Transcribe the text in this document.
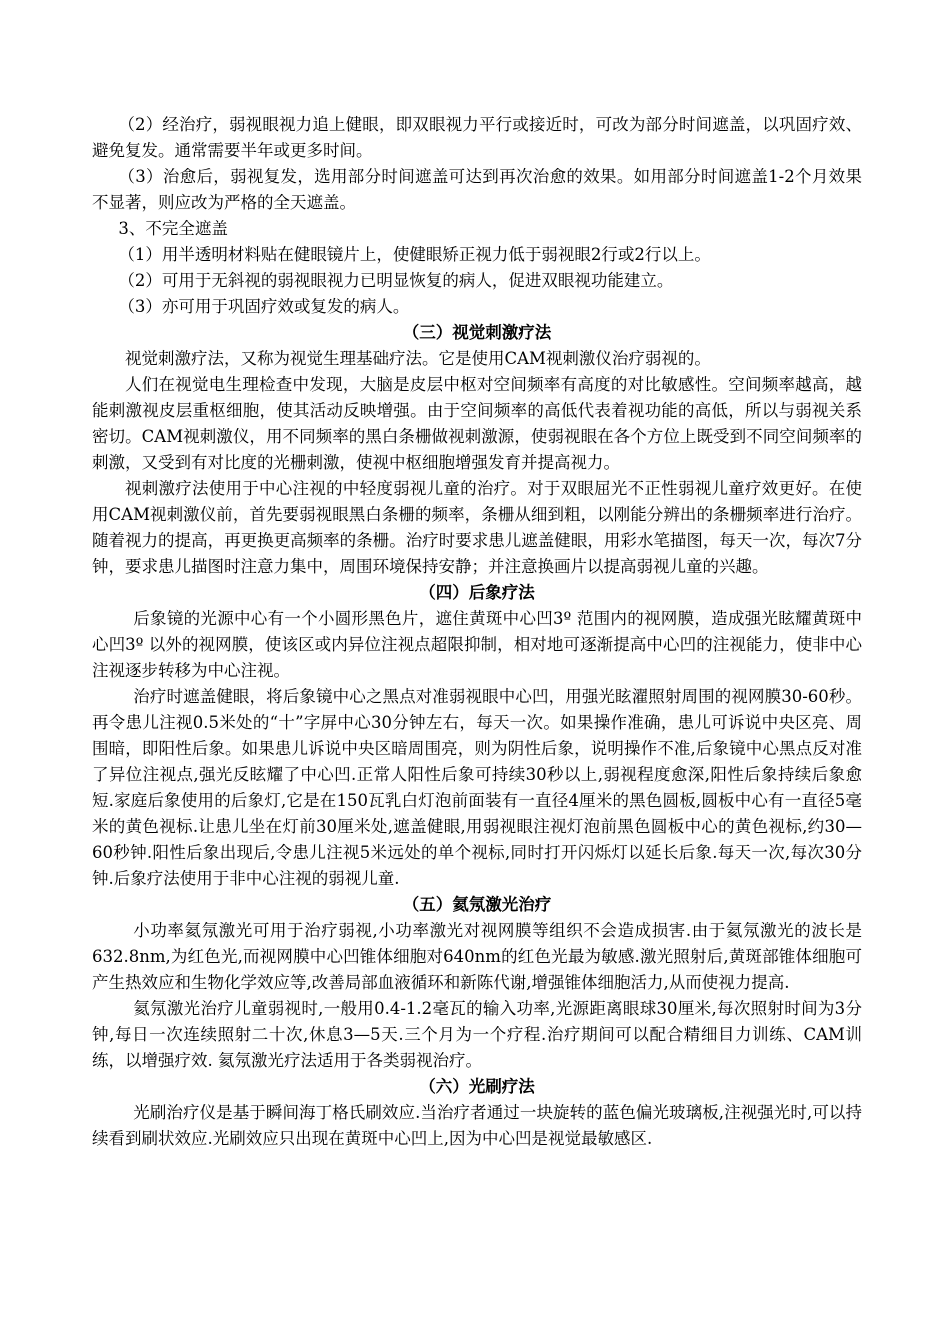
（2）经治疗，弱视眼视力追上健眼，即双眼视力平行或接近时，可改为部分时间遮盖，以巩固疗效、避免复发。通常需要半年或更多时间。

（3）治愈后，弱视复发，选用部分时间遮盖可达到再次治愈的效果。如用部分时间遮盖1-2个月效果不显著，则应改为严格的全天遮盖。

3、不完全遮盖

（1）用半透明材料贴在健眼镜片上，使健眼矫正视力低于弱视眼2行或2行以上。

（2）可用于无斜视的弱视眼视力已明显恢复的病人，促进双眼视功能建立。

（3）亦可用于巩固疗效或复发的病人。

（三）视觉刺激疗法

视觉刺激疗法，又称为视觉生理基础疗法。它是使用CAM视刺激仪治疗弱视的。

人们在视觉电生理检查中发现，大脑是皮层中枢对空间频率有高度的对比敏感性。空间频率越高，越能刺激视皮层重枢细胞，使其活动反映增强。由于空间频率的高低代表着视功能的高低，所以与弱视关系密切。CAM视刺激仪，用不同频率的黑白条栅做视刺激源，使弱视眼在各个方位上既受到不同空间频率的刺激，又受到有对比度的光栅刺激，使视中枢细胞增强发育并提高视力。

视刺激疗法使用于中心注视的中轻度弱视儿童的治疗。对于双眼屈光不正性弱视儿童疗效更好。在使用CAM视刺激仪前，首先要弱视眼黑白条栅的频率，条栅从细到粗，以刚能分辨出的条栅频率进行治疗。随着视力的提高，再更换更高频率的条栅。治疗时要求患儿遮盖健眼，用彩水笔描图，每天一次，每次7分钟，要求患儿描图时注意力集中，周围环境保持安静；并注意换画片以提高弱视儿童的兴趣。

（四）后象疗法

后象镜的光源中心有一个小圆形黑色片，遮住黄斑中心凹3º 范围内的视网膜，造成强光眩耀黄斑中心凹3º 以外的视网膜，使该区或内异位注视点超限抑制，相对地可逐渐提高中心凹的注视能力，使非中心注视逐步转移为中心注视。

治疗时遮盖健眼，将后象镜中心之黑点对准弱视眼中心凹，用强光眩濯照射周围的视网膜30-60秒。再令患儿注视0.5米处的“十”字屏中心30分钟左右，每天一次。如果操作准确，患儿可诉说中央区亮、周围暗，即阳性后象。如果患儿诉说中央区暗周围亮，则为阴性后象，说明操作不准,后象镜中心黑点反对准了异位注视点,强光反眩耀了中心凹.正常人阳性后象可持续30秒以上,弱视程度愈深,阳性后象持续后象愈短.家庭后象使用的后象灯,它是在150瓦乳白灯泡前面装有一直径4厘米的黑色圆板,圆板中心有一直径5毫米的黄色视标.让患儿坐在灯前30厘米处,遮盖健眼,用弱视眼注视灯泡前黑色圆板中心的黄色视标,约30—60秒钟.阳性后象出现后,令患儿注视5米远处的单个视标,同时打开闪烁灯以延长后象.每天一次,每次30分钟.后象疗法使用于非中心注视的弱视儿童.

（五）氦氖激光治疗

小功率氦氖激光可用于治疗弱视,小功率激光对视网膜等组织不会造成损害.由于氦氖激光的波长是632.8nm,为红色光,而视网膜中心凹锥体细胞对640nm的红色光最为敏感.激光照射后,黄斑部锥体细胞可产生热效应和生物化学效应等,改善局部血液循环和新陈代谢,增强锥体细胞活力,从而使视力提高.

氦氖激光治疗儿童弱视时,一般用0.4-1.2毫瓦的输入功率,光源距离眼球30厘米,每次照射时间为3分钟,每日一次连续照射二十次,休息3—5天.三个月为一个疗程.治疗期间可以配合精细目力训练、CAM训练，以增强疗效. 氦氖激光疗法适用于各类弱视治疗。

（六）光刷疗法

光刷治疗仪是基于瞬间海丁格氏刷效应.当治疗者通过一块旋转的蓝色偏光玻璃板,注视强光时,可以持续看到刷状效应.光刷效应只出现在黄斑中心凹上,因为中心凹是视觉最敏感区.
